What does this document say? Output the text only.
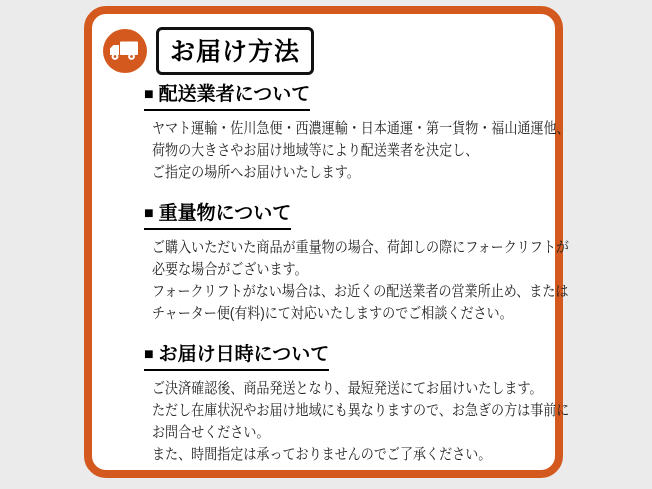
お届け方法
■ 配送業者について
ヤマト運輸・佐川急便・西濃運輸・日本通運・第一貨物・福山通運他、
荷物の大きさやお届け地域等により配送業者を決定し、
ご指定の場所へお届けいたします。
■ 重量物について
ご購入いただいた商品が重量物の場合、荷卸しの際にフォークリフトが
必要な場合がございます。
フォークリフトがない場合は、お近くの配送業者の営業所止め、または
チャーター便(有料)にて対応いたしますのでご相談ください。
■ お届け日時について
ご決済確認後、商品発送となり、最短発送にてお届けいたします。
ただし在庫状況やお届け地域にも異なりますので、お急ぎの方は事前に
お問合せください。
また、時間指定は承っておりませんのでご了承ください。
